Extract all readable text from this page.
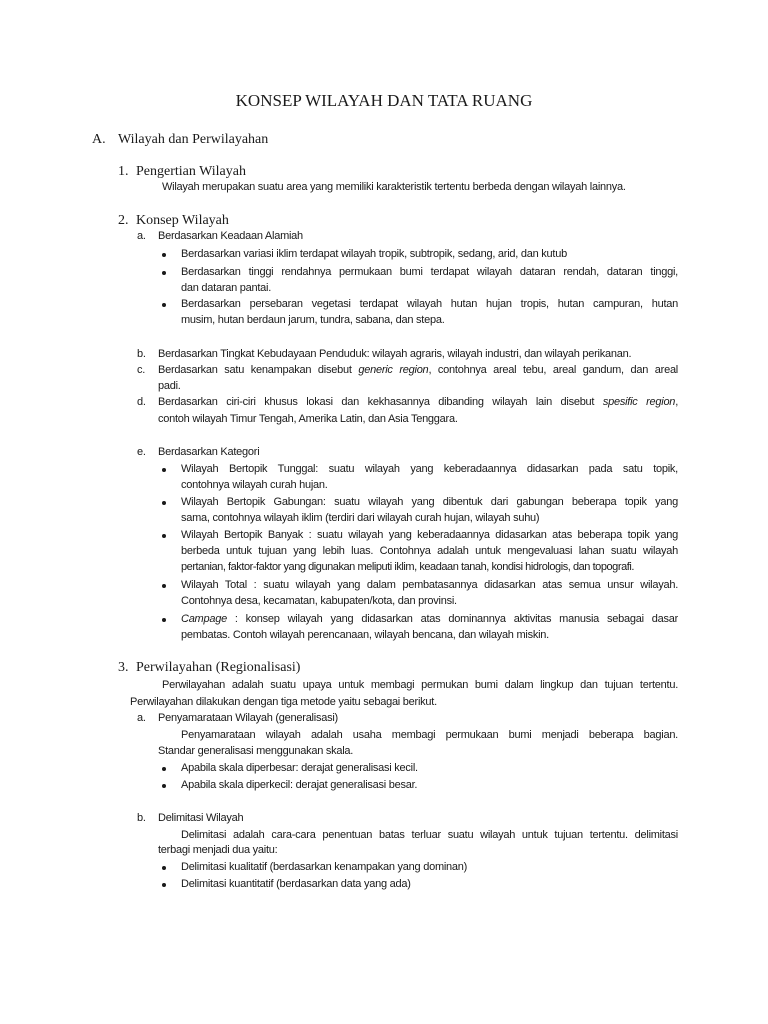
KONSEP WILAYAH DAN TATA RUANG
A. Wilayah dan Perwilayahan
1. Pengertian Wilayah
Wilayah merupakan suatu area yang memiliki karakteristik tertentu berbeda dengan wilayah lainnya.
2. Konsep Wilayah
a. Berdasarkan Keadaan Alamiah
Berdasarkan variasi iklim terdapat wilayah tropik, subtropik, sedang, arid, dan kutub
Berdasarkan tinggi rendahnya permukaan bumi terdapat wilayah dataran rendah, dataran tinggi,
dan dataran pantai.
Berdasarkan persebaran vegetasi terdapat wilayah hutan hujan tropis, hutan campuran, hutan
musim, hutan berdaun jarum, tundra, sabana, dan stepa.
b. Berdasarkan Tingkat Kebudayaan Penduduk: wilayah agraris, wilayah industri, dan wilayah perikanan.
c. Berdasarkan satu kenampakan disebut generic region, contohnya areal tebu, areal gandum, dan areal
padi.
d. Berdasarkan ciri-ciri khusus lokasi dan kekhasannya dibanding wilayah lain disebut spesific region,
contoh wilayah Timur Tengah, Amerika Latin, dan Asia Tenggara.
e. Berdasarkan Kategori
Wilayah Bertopik Tunggal: suatu wilayah yang keberadaannya didasarkan pada satu topik,
contohnya wilayah curah hujan.
Wilayah Bertopik Gabungan: suatu wilayah yang dibentuk dari gabungan beberapa topik yang
sama, contohnya wilayah iklim (terdiri dari wilayah curah hujan, wilayah suhu)
Wilayah Bertopik Banyak : suatu wilayah yang keberadaannya didasarkan atas beberapa topik yang
berbeda untuk tujuan yang lebih luas. Contohnya adalah untuk mengevaluasi lahan suatu wilayah
pertanian, faktor-faktor yang digunakan meliputi iklim, keadaan tanah, kondisi hidrologis, dan topografi.
Wilayah Total : suatu wilayah yang dalam pembatasannya didasarkan atas semua unsur wilayah.
Contohnya desa, kecamatan, kabupaten/kota, dan provinsi.
Campage : konsep wilayah yang didasarkan atas dominannya aktivitas manusia sebagai dasar
pembatas. Contoh wilayah perencanaan, wilayah bencana, dan wilayah miskin.
3. Perwilayahan (Regionalisasi)
Perwilayahan adalah suatu upaya untuk membagi permukan bumi dalam lingkup dan tujuan tertentu.
Perwilayahan dilakukan dengan tiga metode yaitu sebagai berikut.
a. Penyamarataan Wilayah (generalisasi)
Penyamarataan wilayah adalah usaha membagi permukaan bumi menjadi beberapa bagian.
Standar generalisasi menggunakan skala.
Apabila skala diperbesar: derajat generalisasi kecil.
Apabila skala diperkecil: derajat generalisasi besar.
b. Delimitasi Wilayah
Delimitasi adalah cara-cara penentuan batas terluar suatu wilayah untuk tujuan tertentu. delimitasi
terbagi menjadi dua yaitu:
Delimitasi kualitatif (berdasarkan kenampakan yang dominan)
Delimitasi kuantitatif (berdasarkan data yang ada)
